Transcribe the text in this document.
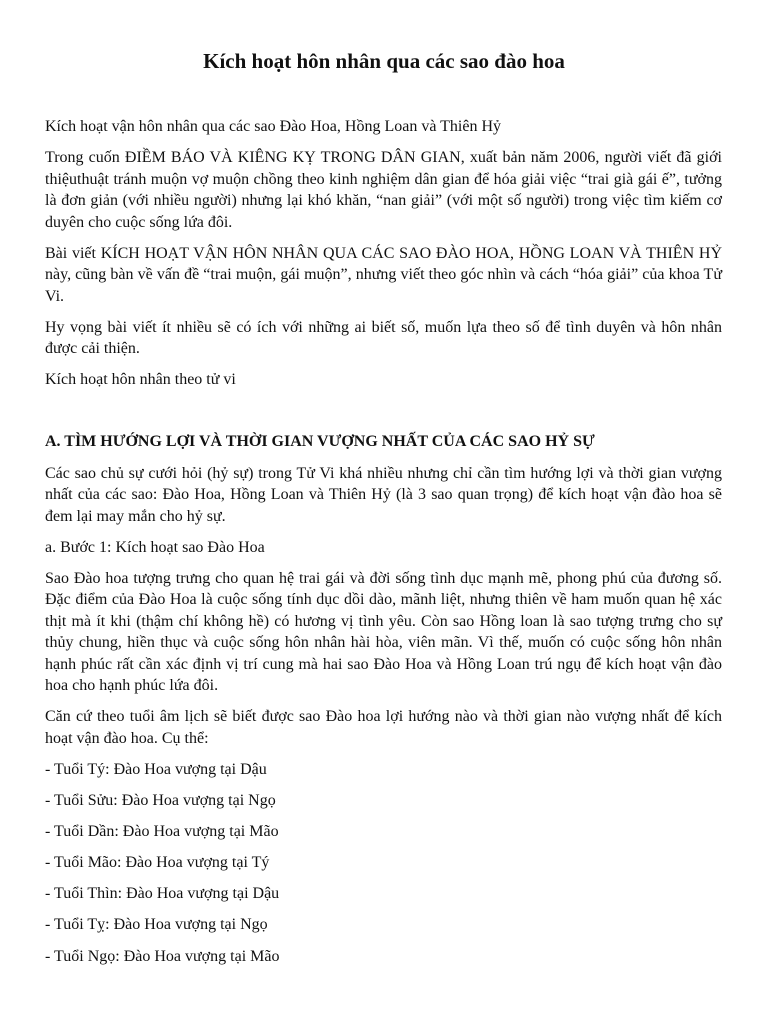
Kích hoạt hôn nhân qua các sao đào hoa

Kích hoạt vận hôn nhân qua các sao Đào Hoa, Hồng Loan và Thiên Hỷ

Trong cuốn ĐIỀM BÁO VÀ KIÊNG KỴ TRONG DÂN GIAN, xuất bản năm 2006, người viết đã giới thiệuthuật tránh muộn vợ muộn chồng theo kinh nghiệm dân gian để hóa giải việc “trai già gái ế”, tưởng là đơn giản (với nhiều người) nhưng lại khó khăn, “nan giải” (với một số người) trong việc tìm kiếm cơ duyên cho cuộc sống lứa đôi.

Bài viết KÍCH HOẠT VẬN HÔN NHÂN QUA CÁC SAO ĐÀO HOA, HỒNG LOAN VÀ THIÊN HỶ này, cũng bàn về vấn đề “trai muộn, gái muộn”, nhưng viết theo góc nhìn và cách “hóa giải” của khoa Tử Vi.

Hy vọng bài viết ít nhiều sẽ có ích với những ai biết số, muốn lựa theo số để tình duyên và hôn nhân được cải thiện.

Kích hoạt hôn nhân theo tử vi

A. TÌM HƯỚNG LỢI VÀ THỜI GIAN VƯỢNG NHẤT CỦA CÁC SAO HỶ SỰ

Các sao chủ sự cưới hỏi (hỷ sự) trong Tử Vi khá nhiều nhưng chỉ cần tìm hướng lợi và thời gian vượng nhất của các sao: Đào Hoa, Hồng Loan và Thiên Hỷ (là 3 sao quan trọng) để kích hoạt vận đào hoa sẽ đem lại may mắn cho hỷ sự.

a. Bước 1: Kích hoạt sao Đào Hoa

Sao Đào hoa tượng trưng cho quan hệ trai gái và đời sống tình dục mạnh mẽ, phong phú của đương số. Đặc điểm của Đào Hoa là cuộc sống tính dục dồi dào, mãnh liệt, nhưng thiên về ham muốn quan hệ xác thịt mà ít khi (thậm chí không hề) có hương vị tình yêu. Còn sao Hồng loan là sao tượng trưng cho sự thủy chung, hiền thục và cuộc sống hôn nhân hài hòa, viên mãn. Vì thế, muốn có cuộc sống hôn nhân hạnh phúc rất cần xác định vị trí cung mà hai sao Đào Hoa và Hồng Loan trú ngụ để kích hoạt vận đào hoa cho hạnh phúc lứa đôi.

Căn cứ theo tuổi âm lịch sẽ biết được sao Đào hoa lợi hướng nào và thời gian nào vượng nhất để kích hoạt vận đào hoa. Cụ thể:

- Tuổi Tý: Đào Hoa vượng tại Dậu

- Tuổi Sửu: Đào Hoa vượng tại Ngọ

- Tuổi Dần: Đào Hoa vượng tại Mão

- Tuổi Mão: Đào Hoa vượng tại Tý

- Tuổi Thìn: Đào Hoa vượng tại Dậu

- Tuổi Tỵ: Đào Hoa vượng tại Ngọ

- Tuổi Ngọ: Đào Hoa vượng tại Mão
